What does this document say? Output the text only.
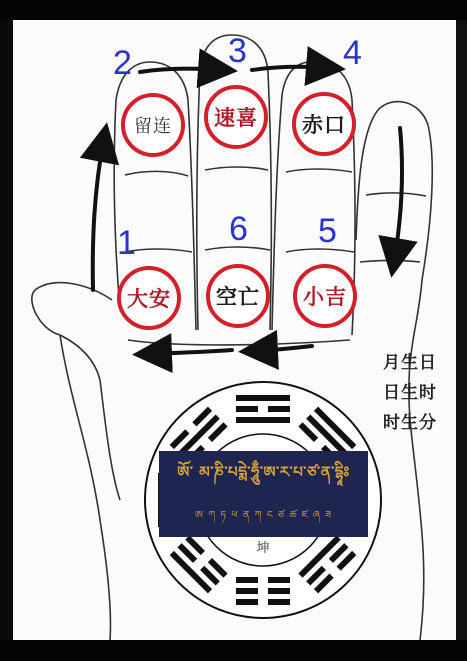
坤
2	3	4
1	6 5
留连 速喜 赤口
大安 空亡 小吉
月生日
日生时
时生分
ཨོ་ མ་ཎི་པདྨེ་ཧཱུྃ་ཨ་ར་པ་ཙ་ན་དྷཱིཿ
ཨ ཀ ཏ ཕ ན ཀ ང ཙ ཚ ཛ ཞ ཟ
